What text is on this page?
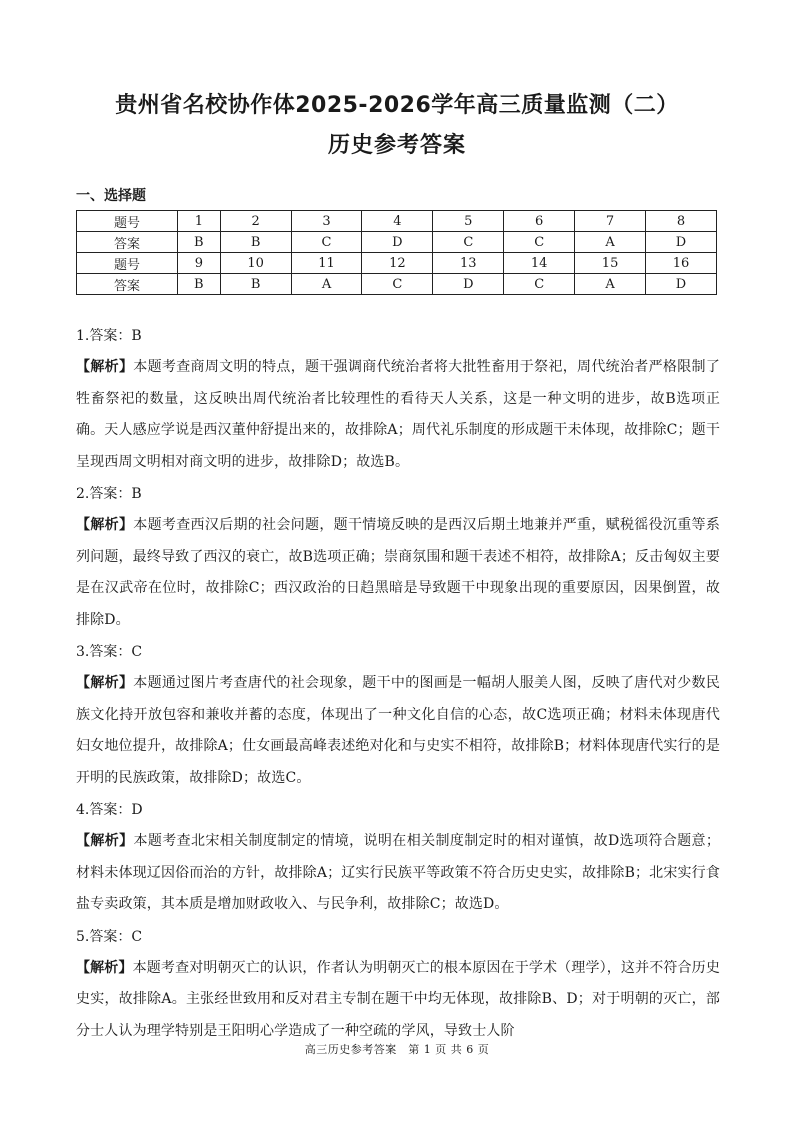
贵州省名校协作体2025-2026学年高三质量监测（二）
历史参考答案
一、选择题
题号	1	2	3	4	5	6	7	8
答案	B	B	C	D	C	C	A	D
题号	9	10	11	12	13	14	15	16
答案	B	B	A	C	D	C	A	D
1.答案：B
【解析】本题考查商周文明的特点，题干强调商代统治者将大批牲畜用于祭祀，周代统治者严格限制了牲畜祭祀的数量，这反映出周代统治者比较理性的看待天人关系，这是一种文明的进步，故B选项正确。天人感应学说是西汉董仲舒提出来的，故排除A；周代礼乐制度的形成题干未体现，故排除C；题干呈现西周文明相对商文明的进步，故排除D；故选B。
2.答案：B
【解析】本题考查西汉后期的社会问题，题干情境反映的是西汉后期土地兼并严重，赋税徭役沉重等系列问题，最终导致了西汉的衰亡，故B选项正确；崇商氛围和题干表述不相符，故排除A；反击匈奴主要是在汉武帝在位时，故排除C；西汉政治的日趋黑暗是导致题干中现象出现的重要原因，因果倒置，故排除D。
3.答案：C
【解析】本题通过图片考查唐代的社会现象，题干中的图画是一幅胡人服美人图，反映了唐代对少数民族文化持开放包容和兼收并蓄的态度，体现出了一种文化自信的心态，故C选项正确；材料未体现唐代妇女地位提升，故排除A；仕女画最高峰表述绝对化和与史实不相符，故排除B；材料体现唐代实行的是开明的民族政策，故排除D；故选C。
4.答案：D
【解析】本题考查北宋相关制度制定的情境，说明在相关制度制定时的相对谨慎，故D选项符合题意；材料未体现辽因俗而治的方针，故排除A；辽实行民族平等政策不符合历史史实，故排除B；北宋实行食盐专卖政策，其本质是增加财政收入、与民争利，故排除C；故选D。
5.答案：C
【解析】本题考查对明朝灭亡的认识，作者认为明朝灭亡的根本原因在于学术（理学），这并不符合历史史实，故排除A。主张经世致用和反对君主专制在题干中均无体现，故排除B、D；对于明朝的灭亡，部分士人认为理学特别是王阳明心学造成了一种空疏的学风，导致士人阶
高三历史参考答案　第 1 页 共 6 页
